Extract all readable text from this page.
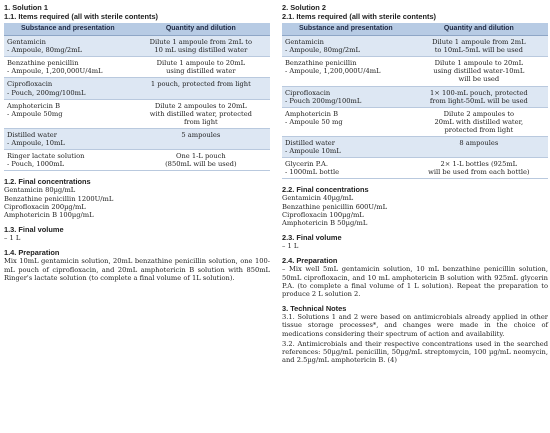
1. Solution 1
1.1. Items required (all with sterile contents)
Substance and presentation	Quantity and dilution
Gentamicin
- Ampoule, 80mg/2mL	Dilute 1 ampoule from 2mL to
10 mL using distilled water
Benzathine penicillin
- Ampoule, 1,200,000U/4mL	Dilute 1 ampoule to 20mL
using distilled water
Ciprofloxacin
- Pouch, 200mg/100mL	1 pouch, protected from light
Amphotericin B
- Ampoule 50mg	Dilute 2 ampoules to 20mL
with distilled water, protected
from light
Distilled water
- Ampoule, 10mL	5 ampoules
Ringer lactate solution
- Pouch, 1000mL	One 1-L pouch
(850mL will be used)
1.2. Final concentrations
Gentamicin 80µg/mL
Benzathine penicillin 1200U/mL
Ciprofloxacin 200µg/mL
Amphotericin B 100µg/mL
1.3. Final volume
– 1 L
1.4. Preparation
Mix 10mL gentamicin solution, 20mL benzathine penicillin solution, one 100-mL pouch of ciprofloxacin, and 20mL amphotericin B solution with 850mL Ringer's lactate solution (to complete a final volume of 1L solution).
2. Solution 2
2.1. Items required (all with sterile contents)
Substance and presentation	Quantity and dilution
Gentamicin
- Ampoule, 80mg/2mL	Dilute 1 ampoule from 2mL
to 10mL-5mL will be used
Benzathine penicillin
- Ampoule, 1,200,000U/4mL	Dilute 1 ampoule to 20mL
using distilled water-10mL
will be used
Ciprofloxacin
- Pouch 200mg/100mL	1× 100-mL pouch, protected
from light-50mL will be used
Amphotericin B
- Ampoule 50 mg	Dilute 2 ampoules to
20mL with distilled water,
protected from light
Distilled water
- Ampoule 10mL	8 ampoules
Glycerin P.A.
- 1000mL bottle	2× 1-L bottles (925mL
will be used from each bottle)
2.2. Final concentrations
Gentamicin 40µg/mL
Benzathine penicillin 600U/mL
Ciprofloxacin 100µg/mL
Amphotericin B 50µg/mL
2.3. Final volume
– 1 L
2.4. Preparation
– Mix well 5mL gentamicin solution, 10 mL benzathine penicillin solution, 50mL ciprofloxacin, and 10 mL amphotericin B solution with 925mL glycerin P.A. (to complete a final volume of 1 L solution). Repeat the preparation to produce 2 L solution 2.
3. Technical Notes
3.1. Solutions 1 and 2 were based on antimicrobials already applied in other tissue storage processes*, and changes were made in the choice of medications considering their spectrum of action and availability.
3.2. Antimicrobials and their respective concentrations used in the searched references: 50µg/mL penicillin, 50µg/mL streptomycin, 100 µg/mL neomycin, and 2.5µg/mL amphotericin B. (4)
